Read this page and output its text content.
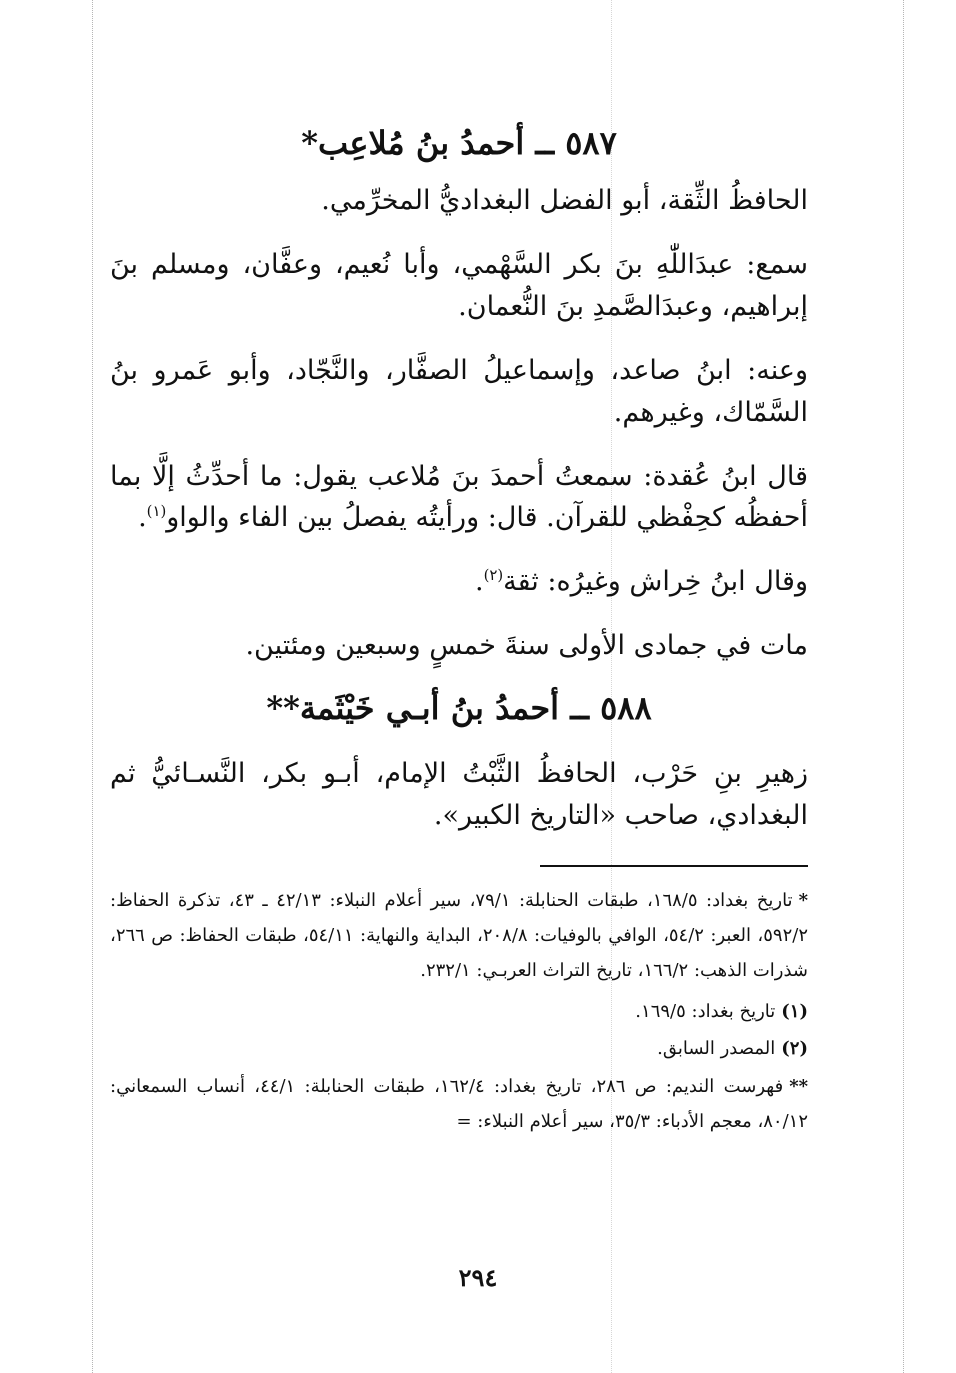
٥٨٧ ــ أحمدُ بنُ مُلاعِب*

الحافظُ الثِّقة، أبو الفضل البغداديُّ المخرِّمي.

سمع: عبدَاللّٰهِ بنَ بكر السَّهْمي، وأبا نُعيم، وعفَّان، ومسلم بنَ إبراهيم، وعبدَالصَّمدِ بنَ النُّعمان.

وعنه: ابنُ صاعد، وإسماعيلُ الصفَّار، والنَّجّاد، وأبو عَمرو بنُ السَّمّاك، وغيرهم.

قال ابنُ عُقدة: سمعتُ أحمدَ بنَ مُلاعب يقول: ما أحدِّثُ إلَّا بما أحفظُه كحِفْظي للقرآن. قال: ورأيتُه يفصلُ بين الفاء والواو$^{(١)}$.

وقال ابنُ خِراش وغيرُه: ثقة$^{(٢)}$.

مات في جمادى الأولى سنةَ خمسٍ وسبعين ومئتين.

٥٨٨ ــ أحمدُ بنُ أبـي خَيْثَمة**

زهيرِ بنِ حَرْب، الحافظُ الثَّبْتُ الإمام، أبـو بكر، النَّسـائيُّ ثم البغدادي، صاحب «التاريخ الكبير».

*تاريخ بغداد: ١٦٨/٥، طبقات الحنابلة: ٧٩/١، سير أعلام النبلاء: ٤٢/١٣ ـ ٤٣، تذكرة الحفاظ: ٥٩٢/٢، العبر: ٥٤/٢، الوافي بالوفيات: ٢٠٨/٨، البداية والنهاية: ٥٤/١١، طبقات الحفاظ: ص ٢٦٦، شذرات الذهب: ١٦٦/٢، تاريخ التراث العربـي: ٢٣٢/١.

(١)تاريخ بغداد: ١٦٩/٥.

(٢)المصدر السابق.

**فهرست النديم: ص ٢٨٦، تاريخ بغداد: ١٦٢/٤، طبقات الحنابلة: ٤٤/١، أنساب السمعاني: ٨٠/١٢، معجم الأدباء: ٣٥/٣، سير أعلام النبلاء: =

٢٩٤
